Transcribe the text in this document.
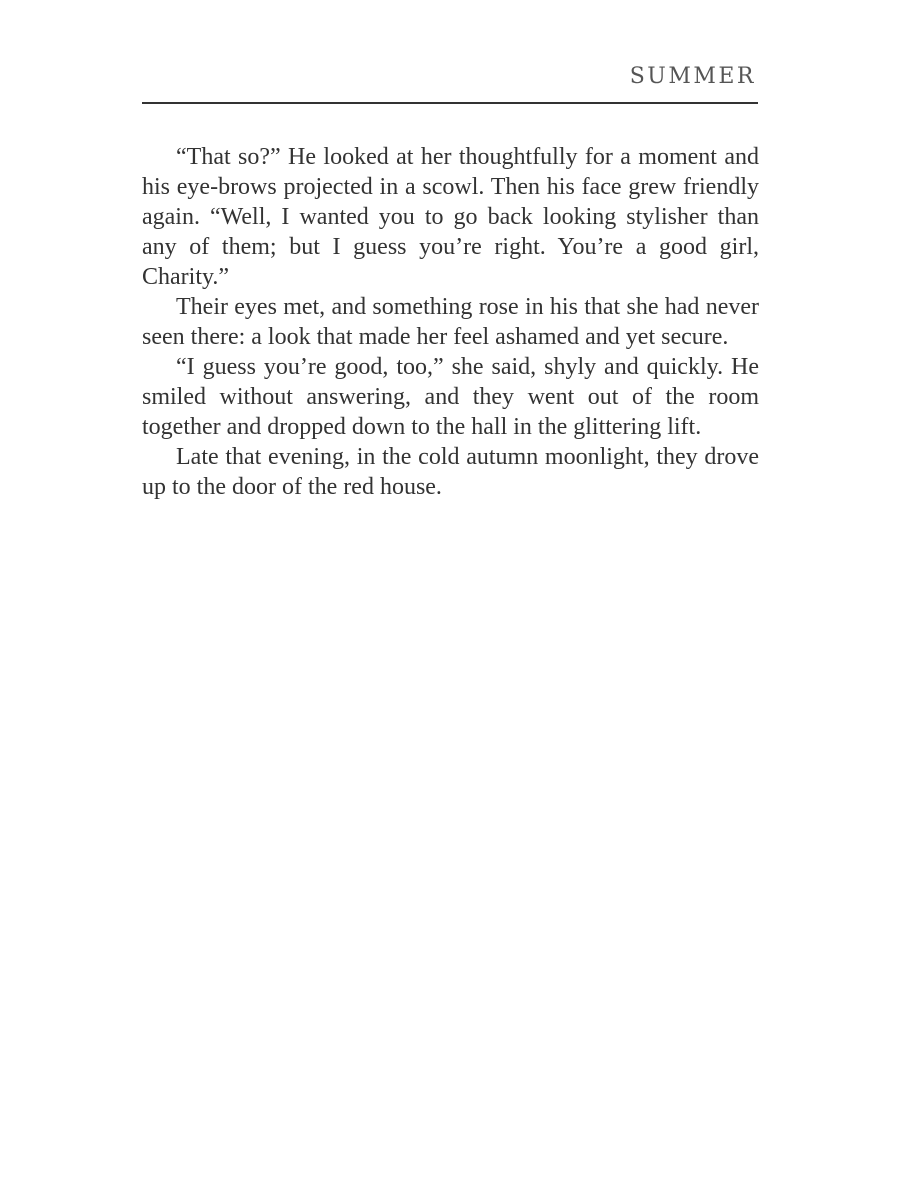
SUMMER

“That so?” He looked at her thoughtfully for a moment and his eye-brows projected in a scowl. Then his face grew friendly again. “Well, I wanted you to go back looking stylisher than any of them; but I guess you’re right. You’re a good girl, Charity.”

Their eyes met, and something rose in his that she had never seen there: a look that made her feel ashamed and yet secure.

“I guess you’re good, too,” she said, shyly and quickly. He smiled without answering, and they went out of the room together and dropped down to the hall in the glittering lift.

Late that evening, in the cold autumn moonlight, they drove up to the door of the red house.
